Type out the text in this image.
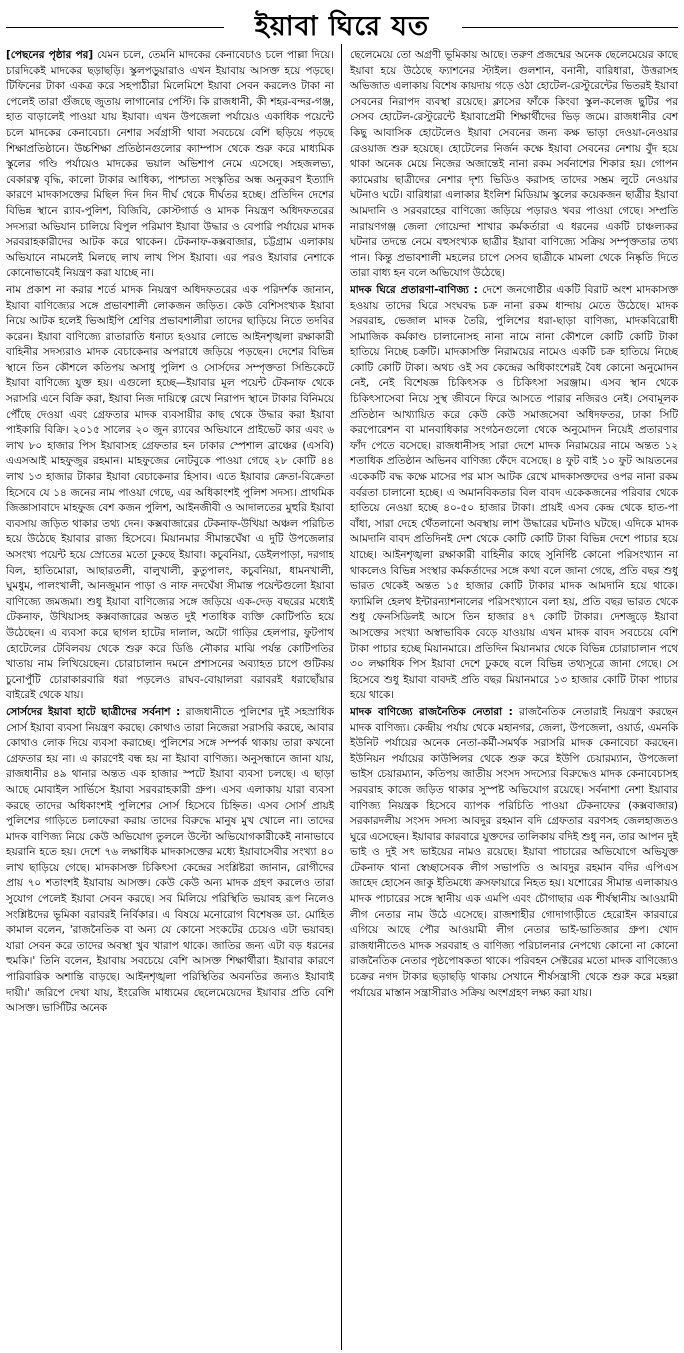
ইয়াবা ঘিরে যত

[পেছনের পৃষ্ঠার পর] যেমন চলে, তেমনি মাদকের কেনাবেচাও চলে পাল্লা দিয়ে। চারদিকেই মাদকের ছড়াছড়ি। স্কুলপড়ুয়ারাও এখন ইয়াবায় আসক্ত হয়ে পড়ছে। টিফিনের টাকা একত্র করে সহপাঠীরা মিলেমিশে ইয়াবা সেবন করলেও টাকা না পেলেই তারা গুঁজছে জুতায় লাগানোর পেস্টি। কি রাজধানী, কী শহর-বন্দর-গঞ্জ, হাত বাড়ালেই পাওয়া যায় ইয়াবা। এখন উপজেলা পর্যায়েও একাধিক পয়েন্টে চলে মাদকের কেনাবেচা। নেশার সর্বগ্রাসী থাবা সবচেয়ে বেশি ছড়িয়ে পড়ছে শিক্ষাপ্রতিষ্ঠানে। উচ্চশিক্ষা প্রতিষ্ঠানগুলোর ক্যাম্পাস থেকে শুরু করে মাধ্যমিক স্কুলের গণ্ডি পর্যায়েও মাদকের ভয়াল অভিশাপ নেমে এসেছে। সহজলভ্য, বেকারত্ব বৃদ্ধি, কালো টাকার আধিক্য, পাশ্চাত্য সংস্কৃতির অন্ধ অনুকরণ ইত্যাদি কারণে মাদকাসক্তের মিছিল দিন দিন দীর্ঘ থেকে দীর্ঘতর হচ্ছে। প্রতিদিন দেশের বিভিন্ন স্থানে র‌্যাব-পুলিশ, বিজিবি, কোস্টগার্ড ও মাদক নিয়ন্ত্রণ অধিদফতরের সদস্যরা অভিযান চালিয়ে বিপুল পরিমাণ ইয়াবা উদ্ধার ও বেপারি পর্যায়ের মাদক সরবরাহকারীদের আটক করে থাকেন। টেকনাফ-কক্সবাজার, চট্টগ্রাম এলাকায় অভিযানে নামলেই মিলছে লাখ লাখ পিস ইয়াবা। এর পরও ইয়াবার নেশাকে কোনোভাবেই নিয়ন্ত্রণ করা যাচ্ছে না।

নাম প্রকাশ না করার শর্তে মাদক নিয়ন্ত্রণ অধিদফতরের এক পরিদর্শক জানান, ইয়াবা বাণিজ্যের সঙ্গে প্রভাবশালী লোকজন জড়িত। কেউ বেশিসংখ্যক ইয়াবা নিয়ে আটক হলেই ভিআইপি শ্রেণির প্রভাবশালীরা তাদের ছাড়িয়ে নিতে তদবির করেন। ইয়াবা বাণিজ্যে রাতারাতি ধনাঢ্য হওয়ার লোভে আইনশৃঙ্খলা রক্ষাকারী বাহিনীর সদস্যরাও মাদক বেচাকেনার অপরাধে জড়িয়ে পড়ছেন। দেশের বিভিন্ন স্থানে তিন কৌশলে কতিপয় অসাধু পুলিশ ও সোর্সদের সম্পৃক্ততা সিন্ডিকেটে ইয়াবা বাণিজ্যে যুক্ত হয়। এগুলো হচ্ছে—ইয়াবার মূল পয়েন্ট টেকনাফ থেকে সরাসরি এনে বিক্রি করা, ইয়াবা নিজ দায়িত্বে রেখে নিরাপদ স্থানে টাকার বিনিময়ে পৌঁছে দেওয়া এবং গ্রেফতার মাদক ব্যবসায়ীর কাছ থেকে উদ্ধার করা ইয়াবা পাইকারি বিক্রি। ২০১৫ সালের ২০ জুন র‌্যাবের অভিযানে প্রাইভেট কার এবং ৬ লাখ ৮০ হাজার পিস ইয়াবাসহ গ্রেফতার হন ঢাকার স্পেশাল ব্রাঞ্চের (এসবি) এএসআই মাহফুজুর রহমান। মাহফুজের নোটবুকে পাওয়া গেছে ২৮ কোটি ৪৪ লাখ ১৩ হাজার টাকার ইয়াবা বেচাকেনার হিসাব। এতে ইয়াবার ক্রেতা-বিক্রেতা হিসেবে যে ১৪ জনের নাম পাওয়া গেছে, এর অধিকাংশই পুলিশ সদস্য। প্রাথমিক জিজ্ঞাসাবাদে মাহফুজ বেশ কজন পুলিশ, আইনজীবী ও আদালতের মুহুরি ইয়াবা ব্যবসায় জড়িত থাকার তথ্য দেন। কক্সবাজারের টেকনাফ-উখিয়া অঞ্চল পরিচিত হয়ে উঠেছে ইয়াবার রাজ্য হিসেবে। মিয়ানমার সীমান্তঘেঁষা এ দুটি উপজেলার অসংখ্য পয়েন্ট হয়ে স্রোতের মতো ঢুকছে ইয়াবা। কচুবনিয়া, ডেইলপাড়া, দরগাহ বিল, হাতিমোরা, আছারতলী, বালুখালী, কুতুপালং, কচুবনিয়া, ধামনখালী, ঘুমধুম, পালংখালী, আনজুমান পাড়া ও নাফ নদঘেঁষা সীমান্ত পয়েন্টগুলো ইয়াবা বাণিজ্যে জমজমা। শুধু ইয়াবা বাণিজ্যের সঙ্গে জড়িয়ে এক-দেড় বছরের মধ্যেই টেকনাফ, উখিয়াসহ কক্সবাজারের অন্তত দুই শতাধিক ব্যক্তি কোটিপতি হয়ে উঠেছেন। এ ব্যবসা করে ছাগল হাটের দালাল, অটো গাড়ির হেলপার, ফুটপাথ হোটেলের টেবিলবয় থেকে শুরু করে ডিঙি নৌকার মাঝি পর্যন্ত কোটিপতির খাতায় নাম লিখিয়েছেন। চোরাচালান দমনে প্রশাসনের অব্যাহত চাপে গুটিকয় চুনোপুঁটি চোরাকারবারি ধরা পড়লেও রাঘব-বোয়ালরা বরাবরই ধরাছোঁয়ার বাইরেই থেকে যায়।

সোর্সদের ইয়াবা হাটে ছাত্রীদের সর্বনাশ : রাজধানীতে পুলিশের দুই সহস্রাধিক সোর্স ইয়াবা ব্যবসা নিয়ন্ত্রণ করছে। কোথাও তারা নিজেরা সরাসরি করছে, আবার কোথাও লোক দিয়ে ব্যবসা করাচ্ছে। পুলিশের সঙ্গে সম্পর্ক থাকায় তারা কখনো গ্রেফতার হয় না। এ কারণেই বন্ধ হয় না ইয়াবা বাণিজ্য। অনুসন্ধানে জানা যায়, রাজধানীর ৪৯ থানার অন্তত এক হাজার স্পটে ইয়াবা ব্যবসা চলছে। এ ছাড়া আছে মোবাইল সার্ভিসে ইয়াবা সরবরাহকারী গ্রুপ। এসব এলাকায় যারা ব্যবসা করছে তাদের অধিকাংশই পুলিশের সোর্স হিসেবে চিহ্নিত। এসব সোর্স প্রায়ই পুলিশের গাড়িতে চলাফেরা করায় তাদের বিরুদ্ধে মানুষ মুখ খোলে না। তাদের মাদক বাণিজ্য নিয়ে কেউ অভিযোগ তুললে উল্টো অভিযোগকারীকেই নানাভাবে হয়রানি হতে হয়। দেশে ৭৬ লক্ষাধিক মাদকাসক্তের মধ্যে ইয়াবাসেবীর সংখ্যা ৪০ লাখ ছাড়িয়ে গেছে। মাদকাসক্ত চিকিৎসা কেন্দ্রের সংশ্লিষ্টরা জানান, রোগীদের প্রায় ৭০ শতাংশই ইয়াবায় আসক্ত। কেউ কেউ অন্য মাদক গ্রহণ করলেও তারা সুযোগ পেলেই ইয়াবা সেবন করছে। সব মিলিয়ে পরিস্থিতি ভয়াবহ রূপ নিলেও সংশ্লিষ্টদের ভূমিকা বরাবরই নির্বিকার। এ বিষয়ে মনোরোগ বিশেষজ্ঞ ডা. মোহিত কামাল বলেন, 'রাজনৈতিক বা অন্য যে কোনো সংকটের চেয়েও এটা ভয়াবহ। যারা সেবন করে তাদের অবস্থা খুব খারাপ থাকে। জাতির জন্য এটা বড় ধরনের হুমকি।' তিনি বলেন, ইয়াবায় সবচেয়ে বেশি আসক্ত শিক্ষার্থীরা। ইয়াবার কারণে পারিবারিক অশান্তি বাড়ছে। আইনশৃঙ্খলা পরিস্থিতির অবনতির জন্যও ইয়াবাই দায়ী।' জরিপে দেখা যায়, ইংরেজি মাধ্যমের ছেলেমেয়েদের ইয়াবার প্রতি বেশি আসক্ত। ভার্সিটির অনেক

ছেলেমেয়ে তো অগ্রণী ভূমিকায় আছে। তরুণ প্রজন্মের অনেক ছেলেমেয়ের কাছে ইয়াবা হয়ে উঠেছে ফ্যাশনের স্টাইল। গুলশান, বনানী, বারিধারা, উত্তরাসহ অভিজাত এলাকায় বিশেষ কায়দায় গড়ে ওঠা হোটেল-রেস্টুরেন্টের ভিতরই ইয়াবা সেবনের নিরাপদ ব্যবস্থা রয়েছে। ক্লাসের ফাঁকে কিংবা স্কুল-কলেজ ছুটির পর সেসব হোটেল-রেস্টুরেন্টে ইয়াবাপ্রেমী শিক্ষার্থীদের ভিড় জমে। রাজধানীর বেশ কিছু আবাসিক হোটেলেও ইয়াবা সেবনের জন্য কক্ষ ভাড়া দেওয়া-নেওয়ার রেওয়াজ শুরু হয়েছে। হোটেলের নির্জন কক্ষে ইয়াবা সেবনের নেশায় বুঁদ হয়ে থাকা অনেক মেয়ে নিজের অজান্তেই নানা রকম সর্বনাশের শিকার হয়। গোপন ক্যামেরায় ছাত্রীদের নেশার দৃশ্য ভিডিও করাসহ তাদের সম্ভ্রম লুটে নেওয়ার ঘটনাও ঘটে। বারিধারা এলাকার ইংলিশ মিডিয়াম স্কুলের কয়েকজন ছাত্রীর ইয়াবা আমদানি ও সরবরাহের বাণিজ্যে জড়িয়ে পড়ারও খবর পাওয়া গেছে। সম্প্রতি নারায়ণগঞ্জ জেলা গোয়েন্দা শাখার কর্মকর্তারা এ ধরনের একটি চাঞ্চল্যকর ঘটনার তদন্তে নেমে বহুসংখ্যক ছাত্রীর ইয়াবা বাণিজ্যে সক্রিয় সম্পৃক্ততার তথ্য পান। কিন্তু প্রভাবশালী মহলের চাপে সেসব ছাত্রীকে মামলা থেকে নিষ্কৃতি দিতে তারা বাধ্য হন বলে অভিযোগ উঠেছে।

মাদক ঘিরে প্রতারণা-বাণিজ্য : দেশে জনগোষ্ঠীর একটি বিরাট অংশ মাদকাসক্ত হওয়ায় তাদের ঘিরে সংঘবদ্ধ চক্র নানা রকম ধান্দায় মেতে উঠেছে। মাদক সরবরাহ, ভেজাল মাদক তৈরি, পুলিশের ধরা-ছাড়া বাণিজ্য, মাদকবিরোধী সামাজিক কর্মকাণ্ড চালানোসহ নানা নামে নানা কৌশলে কোটি কোটি টাকা হাতিয়ে নিচ্ছে চক্রটি। মাদকাসক্তি নিরাময়ের নামেও একটি চক্র হাতিয়ে নিচ্ছে কোটি কোটি টাকা। অথচ ওই সব কেন্দ্রের অধিকাংশেরই বৈধ কোনো অনুমোদন নেই, নেই বিশেষজ্ঞ চিকিৎসক ও চিকিৎসা সরঞ্জাম। এসব স্থান থেকে চিকিৎসাসেবা নিয়ে সুস্থ জীবনে ফিরে আসতে পারার নজিরও নেই। সেবামূলক প্রতিষ্ঠান আখ্যায়িত করে কেউ কেউ সমাজসেবা অধিদফতর, ঢাকা সিটি করপোরেশন বা মানবাধিকার সংগঠনগুলো থেকে অনুমোদন নিয়েই প্রতারণার ফাঁদ পেতে বসেছে। রাজধানীসহ সারা দেশে মাদক নিরাময়ের নামে অন্তত ১২ শতাধিক প্রতিষ্ঠান অভিনব বাণিজ্য ফেঁদে বসেছে। ৪ ফুট বাই ১০ ফুট আয়তনের একেকটি বদ্ধ কক্ষে মাসের পর মাস আটক রেখে মাদকাসক্তদের ওপর নানা রকম বর্বরতা চালানো হচ্ছে। এ অমানবিকতার বিল বাবদ একেকজনের পরিবার থেকে হাতিয়ে নেওয়া হচ্ছে ৪০-৫০ হাজার টাকা। প্রায়ই এসব কেন্দ্র থেকে হাত-পা বাঁধা, সারা দেহে থেঁতলানো অবস্থায় লাশ উদ্ধারের ঘটনাও ঘটছে। এদিকে মাদক আমদানি বাবদ প্রতিদিনই দেশ থেকে কোটি কোটি টাকা বিভিন্ন দেশে পাচার হয়ে যাচ্ছে। আইনশৃঙ্খলা রক্ষাকারী বাহিনীর কাছে সুনির্দিষ্ট কোনো পরিসংখ্যান না থাকলেও বিভিন্ন সংস্থার কর্মকর্তাদের সঙ্গে কথা বলে জানা গেছে, প্রতি বছর শুধু ভারত থেকেই অন্তত ১৫ হাজার কোটি টাকার মাদক আমদানি হয়ে থাকে। ফ্যামিলি হেলথ ইন্টারন্যাশনালের পরিসংখ্যানে বলা হয়, প্রতি বছর ভারত থেকে শুধু ফেনসিডিলই আসে তিন হাজার ৪৭ কোটি টাকার। দেশজুড়ে ইয়াবা আসক্তের সংখ্যা অস্বাভাবিক বেড়ে যাওয়ায় এখন মাদক বাবদ সবচেয়ে বেশি টাকা পাচার হচ্ছে মিয়ানমারে। প্রতিদিন মিয়ানমার থেকে বিভিন্ন চোরাচালান পথে ৩০ লক্ষাধিক পিস ইয়াবা দেশে ঢুকছে বলে বিভিন্ন তথ্যসূত্রে জানা গেছে। সে হিসেবে শুধু ইয়াবা বাবদই প্রতি বছর মিয়ানমারে ১৩ হাজার কোটি টাকা পাচার হয়ে থাকে।

মাদক বাণিজ্যে রাজনৈতিক নেতারা : রাজনৈতিক নেতারাই নিয়ন্ত্রণ করছেন মাদক বাণিজ্য। কেন্দ্রীয় পর্যায় থেকে মহানগর, জেলা, উপজেলা, ওয়ার্ড, এমনকি ইউনিট পর্যায়ের অনেক নেতা-কর্মী-সমর্থক সরাসরি মাদক কেনাবেচা করছেন। ইউনিয়ন পর্যায়ের কাউন্সিলর থেকে শুরু করে ইউপি চেয়ারম্যান, উপজেলা ভাইস চেয়ারম্যান, কতিপয় জাতীয় সংসদ সদস্যের বিরুদ্ধেও মাদক কেনাবেচাসহ সরবরাহ কাজে জড়িত থাকার সুস্পষ্ট অভিযোগ রয়েছে। সর্বনাশা নেশা ইয়াবার বাণিজ্য নিয়ন্ত্রক হিসেবে ব্যাপক পরিচিতি পাওয়া টেকনাফের (কক্সবাজার) সরকারদলীয় সংসদ সদস্য আবদুর রহমান বদি গ্রেফতার বরণসহ জেলহাজতও ঘুরে এসেছেন। ইয়াবার কারবারে যুক্তদের তালিকায় বদিই শুধু নন, তার আপন দুই ভাই ও দুই সৎ ভাইয়ের নামও রয়েছে। ইয়াবা পাচারের অভিযোগে অভিযুক্ত টেকনাফ থানা স্বেচ্ছাসেবক লীগ সভাপতি ও আবদুর রহমান বদির এপিএস জাহেদ হোসেন জাকু ইতিমধ্যে ক্রসফায়ারে নিহত হয়। যশোরের সীমান্ত এলাকায়ও মাদক পাচারের সঙ্গে স্থানীয় এক এমপি এবং চৌগাছার এক শীর্ষস্থানীয় আওয়ামী লীগ নেতার নাম উঠে এসেছে। রাজশাহীর গোদাগাড়ীতে হেরোইন কারবারে এগিয়ে আছে পৌর আওয়ামী লীগ নেতার ভাই-ভাতিজার গ্রুপ। খোদ রাজধানীতেও মাদক সরবরাহ ও বাণিজ্য পরিচালনার নেপথ্যে কোনো না কোনো রাজনৈতিক নেতার পৃষ্ঠপোষকতা থাকে। পরিবহন সেক্টরের মতো মাদক বাণিজ্যেও চক্রের নগদ টাকার ছড়াছড়ি থাকায় সেখানে শীর্ষসন্ত্রাসী থেকে শুরু করে মহল্লা পর্যায়ের মাস্তান সন্ত্রাসীরাও সক্রিয় অংশগ্রহণ লক্ষ্য করা যায়।
